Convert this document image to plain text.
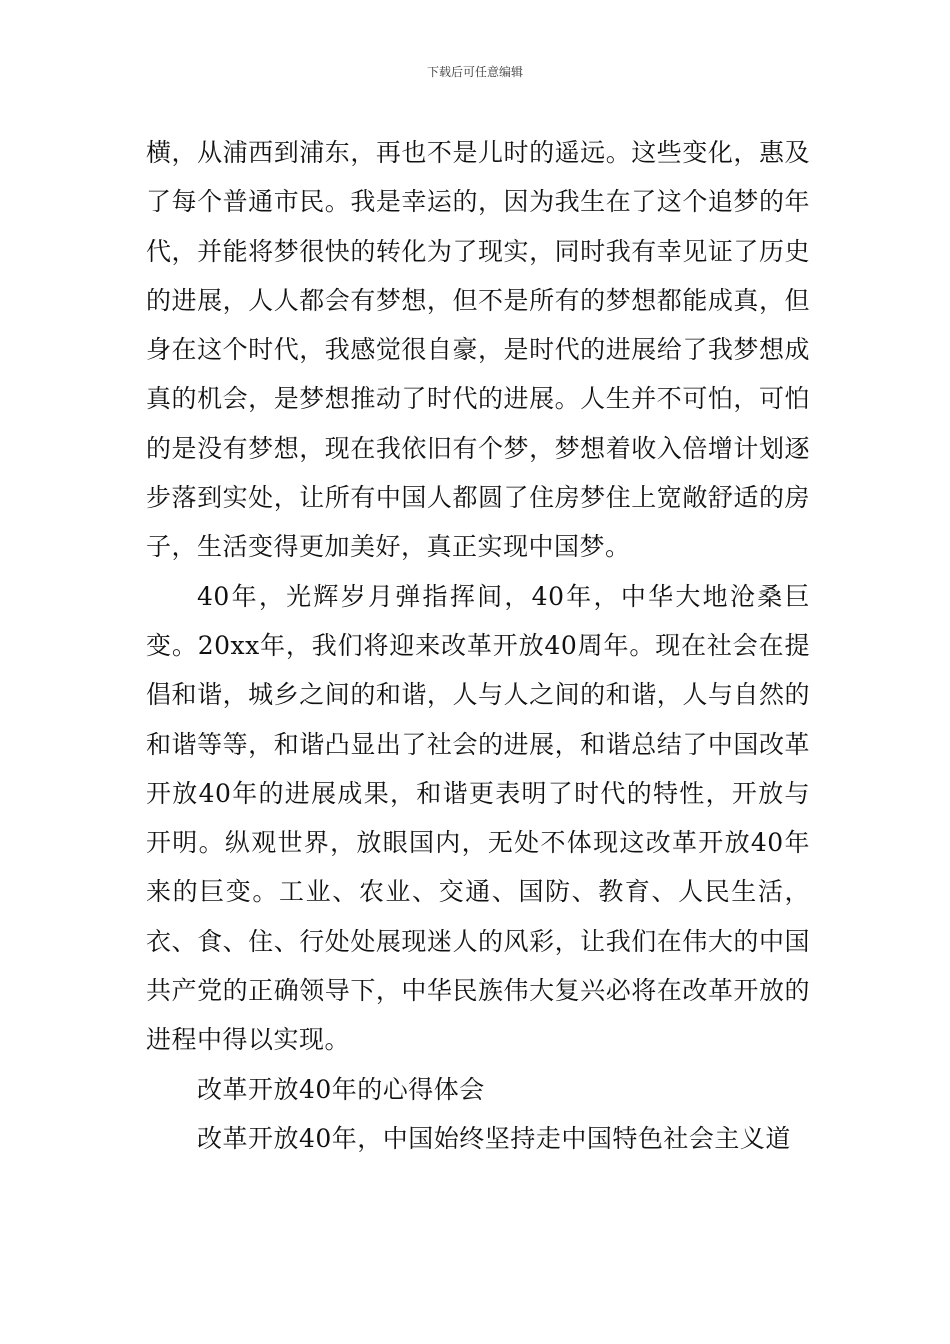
下载后可任意编辑

横，从浦西到浦东，再也不是儿时的遥远。这些变化，惠及了每个普通市民。我是幸运的，因为我生在了这个追梦的年代，并能将梦很快的转化为了现实，同时我有幸见证了历史的进展，人人都会有梦想，但不是所有的梦想都能成真，但身在这个时代，我感觉很自豪，是时代的进展给了我梦想成真的机会，是梦想推动了时代的进展。人生并不可怕，可怕的是没有梦想，现在我依旧有个梦，梦想着收入倍增计划逐步落到实处，让所有中国人都圆了住房梦住上宽敞舒适的房子，生活变得更加美好，真正实现中国梦。

40年，光辉岁月弹指挥间，40年，中华大地沧桑巨变。20xx年，我们将迎来改革开放40周年。现在社会在提倡和谐，城乡之间的和谐，人与人之间的和谐，人与自然的和谐等等，和谐凸显出了社会的进展，和谐总结了中国改革开放40年的进展成果，和谐更表明了时代的特性，开放与开明。纵观世界，放眼国内，无处不体现这改革开放40年来的巨变。工业、农业、交通、国防、教育、人民生活，衣、食、住、行处处展现迷人的风彩，让我们在伟大的中国共产党的正确领导下，中华民族伟大复兴必将在改革开放的进程中得以实现。

改革开放40年的心得体会

改革开放40年，中国始终坚持走中国特色社会主义道
